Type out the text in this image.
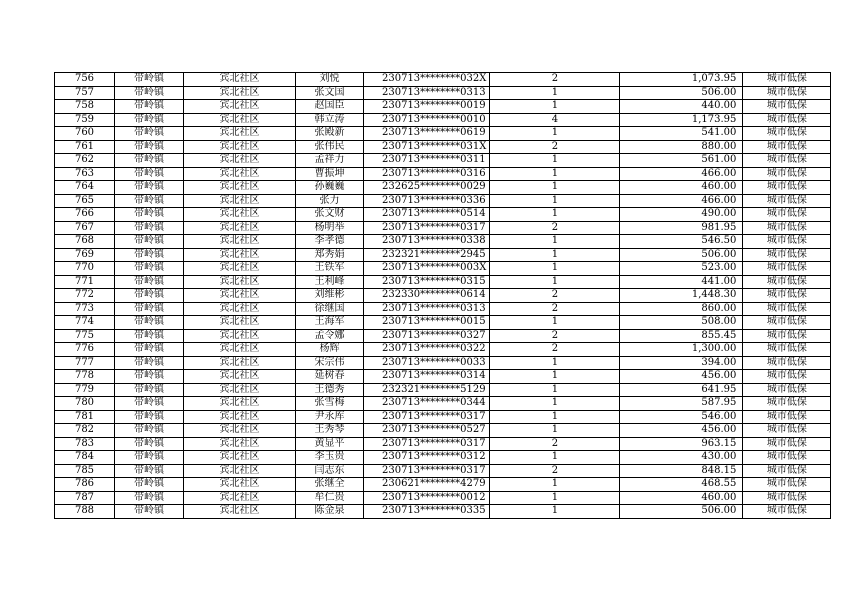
756	带岭镇	宾北社区	刘悦	230713********032X	2	1,073.95	城市低保
757	带岭镇	宾北社区	张文国	230713********0313	1	506.00	城市低保
758	带岭镇	宾北社区	赵国臣	230713********0019	1	440.00	城市低保
759	带岭镇	宾北社区	韩立涛	230713********0010	4	1,173.95	城市低保
760	带岭镇	宾北社区	张殿新	230713********0619	1	541.00	城市低保
761	带岭镇	宾北社区	张伟民	230713********031X	2	880.00	城市低保
762	带岭镇	宾北社区	孟祥力	230713********0311	1	561.00	城市低保
763	带岭镇	宾北社区	曹振坤	230713********0316	1	466.00	城市低保
764	带岭镇	宾北社区	孙巍巍	232625********0029	1	460.00	城市低保
765	带岭镇	宾北社区	张力	230713********0336	1	466.00	城市低保
766	带岭镇	宾北社区	张文财	230713********0514	1	490.00	城市低保
767	带岭镇	宾北社区	杨明举	230713********0317	2	981.95	城市低保
768	带岭镇	宾北社区	李孝德	230713********0338	1	546.50	城市低保
769	带岭镇	宾北社区	郑秀娟	232321********2945	1	506.00	城市低保
770	带岭镇	宾北社区	王铁军	230713********003X	1	523.00	城市低保
771	带岭镇	宾北社区	王利峰	230713********0315	1	441.00	城市低保
772	带岭镇	宾北社区	刘维彬	232330********0614	2	1,448.30	城市低保
773	带岭镇	宾北社区	徐继国	230713********0313	2	860.00	城市低保
774	带岭镇	宾北社区	王海军	230713********0015	1	508.00	城市低保
775	带岭镇	宾北社区	孟令娜	230713********0327	2	855.45	城市低保
776	带岭镇	宾北社区	杨辉	230713********0322	2	1,300.00	城市低保
777	带岭镇	宾北社区	宋宗伟	230713********0033	1	394.00	城市低保
778	带岭镇	宾北社区	延树春	230713********0314	1	456.00	城市低保
779	带岭镇	宾北社区	王德秀	232321********5129	1	641.95	城市低保
780	带岭镇	宾北社区	张雪梅	230713********0344	1	587.95	城市低保
781	带岭镇	宾北社区	尹永库	230713********0317	1	546.00	城市低保
782	带岭镇	宾北社区	王秀琴	230713********0527	1	456.00	城市低保
783	带岭镇	宾北社区	黄显平	230713********0317	2	963.15	城市低保
784	带岭镇	宾北社区	李玉贵	230713********0312	1	430.00	城市低保
785	带岭镇	宾北社区	闫志东	230713********0317	2	848.15	城市低保
786	带岭镇	宾北社区	张继全	230621********4279	1	468.55	城市低保
787	带岭镇	宾北社区	牟仁贵	230713********0012	1	460.00	城市低保
788	带岭镇	宾北社区	陈金泉	230713********0335	1	506.00	城市低保
